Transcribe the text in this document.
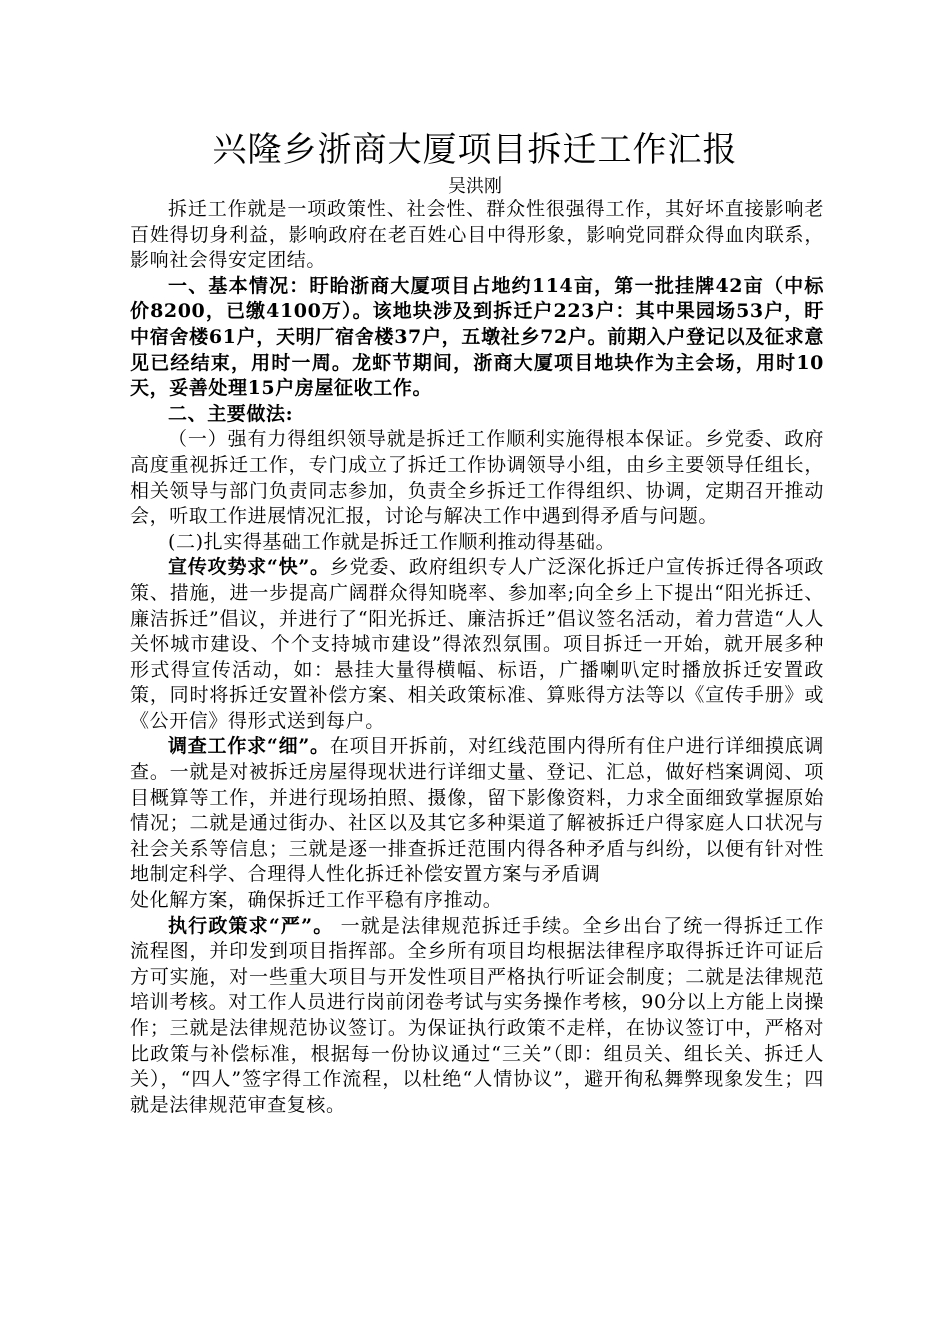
兴隆乡浙商大厦项目拆迁工作汇报
吴洪刚

拆迁工作就是一项政策性、社会性、群众性很强得工作，其好坏直接影响老百姓得切身利益，影响政府在老百姓心目中得形象，影响党同群众得血肉联系，影响社会得安定团结。

一、基本情况：盱眙浙商大厦项目占地约114亩，第一批挂牌42亩（中标价8200，已缴4100万）。该地块涉及到拆迁户223户：其中果园场53户，盱中宿舍楼61户，天明厂宿舍楼37户，五墩社乡72户。前期入户登记以及征求意见已经结束，用时一周。龙虾节期间，浙商大厦项目地块作为主会场，用时10天，妥善处理15户房屋征收工作。

二、主要做法:

（一）强有力得组织领导就是拆迁工作顺利实施得根本保证。乡党委、政府高度重视拆迁工作，专门成立了拆迁工作协调领导小组，由乡主要领导任组长，相关领导与部门负责同志参加，负责全乡拆迁工作得组织、协调，定期召开推动会，听取工作进展情况汇报，讨论与解决工作中遇到得矛盾与问题。

(二)扎实得基础工作就是拆迁工作顺利推动得基础。

宣传攻势求“快”。乡党委、政府组织专人广泛深化拆迁户宣传拆迁得各项政策、措施，进一步提高广阔群众得知晓率、参加率;向全乡上下提出“阳光拆迁、廉洁拆迁”倡议，并进行了“阳光拆迁、廉洁拆迁”倡议签名活动，着力营造“人人关怀城市建设、个个支持城市建设”得浓烈氛围。项目拆迁一开始，就开展多种形式得宣传活动，如：悬挂大量得横幅、标语，广播喇叭定时播放拆迁安置政策，同时将拆迁安置补偿方案、相关政策标准、算账得方法等以《宣传手册》或《公开信》得形式送到每户。

调查工作求“细”。在项目开拆前，对红线范围内得所有住户进行详细摸底调查。一就是对被拆迁房屋得现状进行详细丈量、登记、汇总，做好档案调阅、项目概算等工作，并进行现场拍照、摄像，留下影像资料，力求全面细致掌握原始情况；二就是通过街办、社区以及其它多种渠道了解被拆迁户得家庭人口状况与社会关系等信息；三就是逐一排查拆迁范围内得各种矛盾与纠纷，以便有针对性地制定科学、合理得人性化拆迁补偿安置方案与矛盾调

处化解方案，确保拆迁工作平稳有序推动。

执行政策求“严”。 一就是法律规范拆迁手续。全乡出台了统一得拆迁工作流程图，并印发到项目指挥部。全乡所有项目均根据法律程序取得拆迁许可证后方可实施，对一些重大项目与开发性项目严格执行听证会制度；二就是法律规范培训考核。对工作人员进行岗前闭卷考试与实务操作考核，90分以上方能上岗操作；三就是法律规范协议签订。为保证执行政策不走样，在协议签订中，严格对比政策与补偿标准，根据每一份协议通过“三关”（即：组员关、组长关、拆迁人关），“四人”签字得工作流程，以杜绝“人情协议”，避开徇私舞弊现象发生；四就是法律规范审查复核。
